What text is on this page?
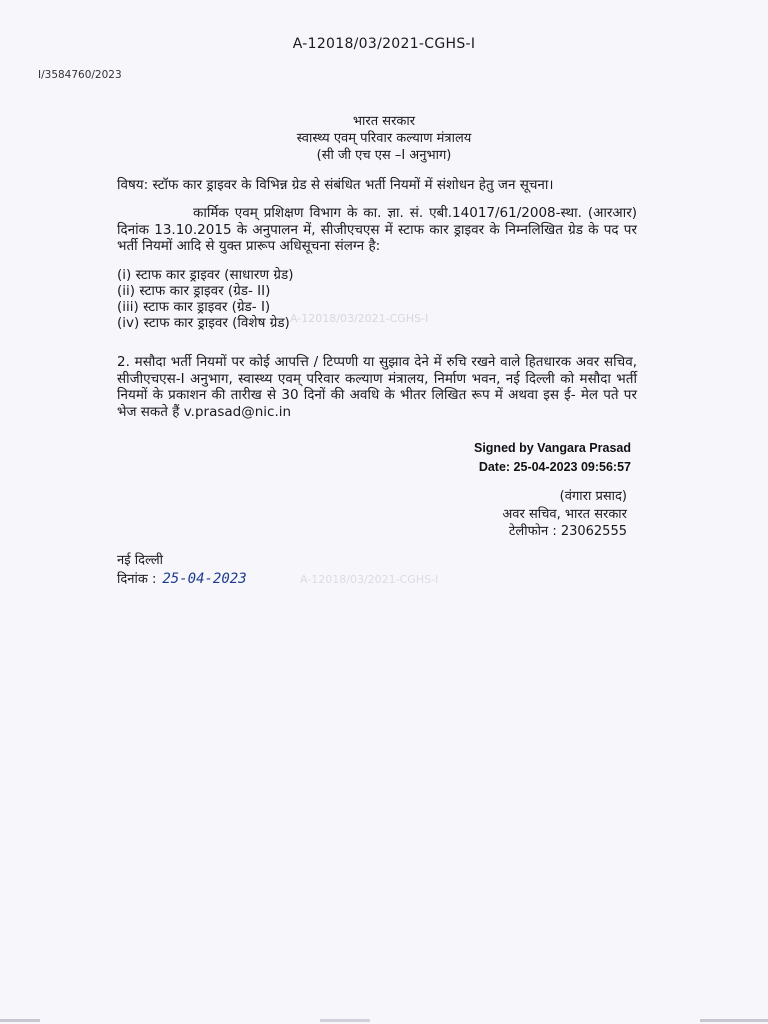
A-12018/03/2021-CGHS-I
I/3584760/2023
भारत सरकार
स्वास्थ्य एवम् परिवार कल्याण मंत्रालय
(सी जी एच एस –I अनुभाग)
विषय: स्टॉफ कार ड्राइवर के विभिन्न ग्रेड से संबंधित भर्ती नियमों में संशोधन हेतु जन सूचना।
कार्मिक एवम् प्रशिक्षण विभाग के का. ज्ञा. सं. एबी.14017/61/2008-स्था. (आरआर) दिनांक 13.10.2015 के अनुपालन में, सीजीएचएस में स्टाफ कार ड्राइवर के निम्नलिखित ग्रेड के पद पर भर्ती नियमों आदि से युक्त प्रारूप अधिसूचना संलग्न है:
(i) स्टाफ कार ड्राइवर (साधारण ग्रेड)
(ii) स्टाफ कार ड्राइवर (ग्रेड- II)
(iii) स्टाफ कार ड्राइवर (ग्रेड- I)
(iv) स्टाफ कार ड्राइवर (विशेष ग्रेड)
2. मसौदा भर्ती नियमों पर कोई आपत्ति / टिप्पणी या सुझाव देने में रुचि रखने वाले हितधारक अवर सचिव, सीजीएचएस-I अनुभाग, स्वास्थ्य एवम् परिवार कल्याण मंत्रालय, निर्माण भवन, नई दिल्ली को मसौदा भर्ती नियमों के प्रकाशन की तारीख से 30 दिनों की अवधि के भीतर लिखित रूप में अथवा इस ई- मेल पते पर भेज सकते हैं v.prasad@nic.in
A-12018/03/2021-CGHS-I
A-12018/03/2021-CGHS-I
Signed by Vangara Prasad
Date: 25-04-2023 09:56:57
(वंगारा प्रसाद)
अवर सचिव, भारत सरकार
टेलीफोन : 23062555
नई दिल्ली
दिनांक : 25-04-2023
